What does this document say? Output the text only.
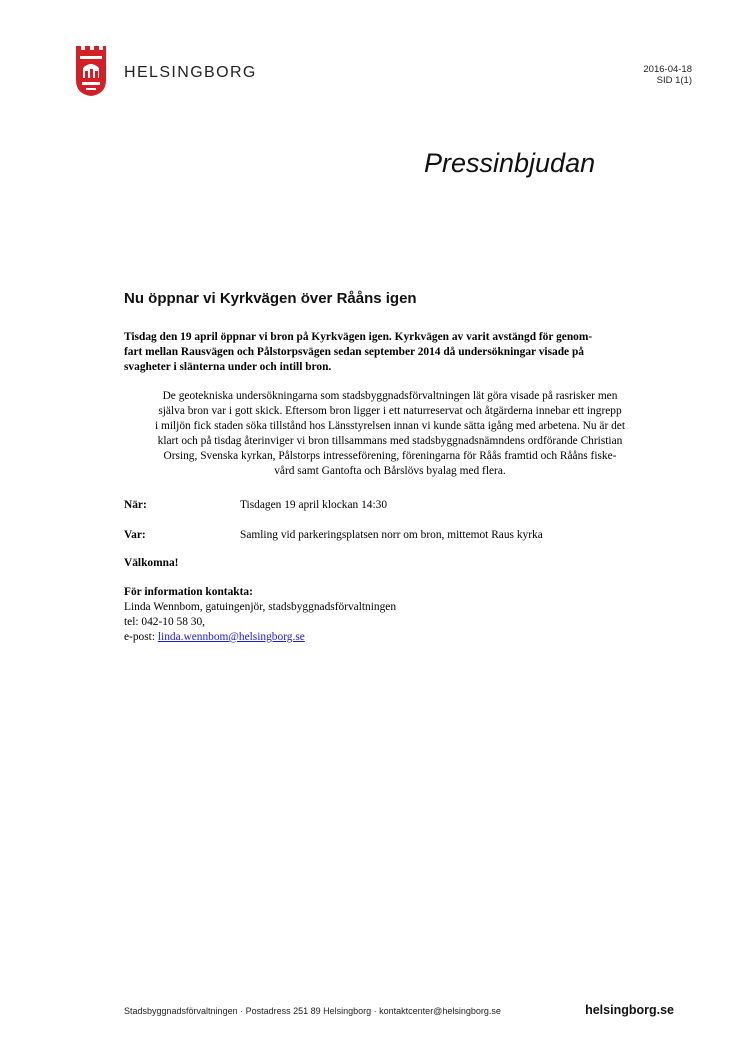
HELSINGBORG	2016-04-18
SID 1(1)
Pressinbjudan
Nu öppnar vi Kyrkvägen över Rååns igen
Tisdag den 19 april öppnar vi bron på Kyrkvägen igen. Kyrkvägen av varit avstängd för genom-
fart mellan Rausvägen och Pålstorpsvägen sedan september 2014 då undersökningar visade på
svagheter i slänterna under och intill bron.
De geotekniska undersökningarna som stadsbyggnadsförvaltningen lät göra visade på rasrisker men
själva bron var i gott skick. Eftersom bron ligger i ett naturreservat och åtgärderna innebar ett ingrepp
i miljön fick staden söka tillstånd hos Länsstyrelsen innan vi kunde sätta igång med arbetena. Nu är det
klart och på tisdag återinviger vi bron tillsammans med stadsbyggnadsnämndens ordförande Christian
Orsing, Svenska kyrkan, Pålstorps intresseförening, föreningarna för Råås framtid och Rååns fiske-
vård samt Gantofta och Bårslövs byalag med flera.
När:	Tisdagen 19 april klockan 14:30
Var:	Samling vid parkeringsplatsen norr om bron, mittemot Raus kyrka
Välkomna!
För information kontakta:
Linda Wennbom, gatuingenjör, stadsbyggnadsförvaltningen
tel: 042-10 58 30,
e-post: linda.wennbom@helsingborg.se
Stadsbyggnadsförvaltningen · Postadress 251 89 Helsingborg · kontaktcenter@helsingborg.se	helsingborg.se
